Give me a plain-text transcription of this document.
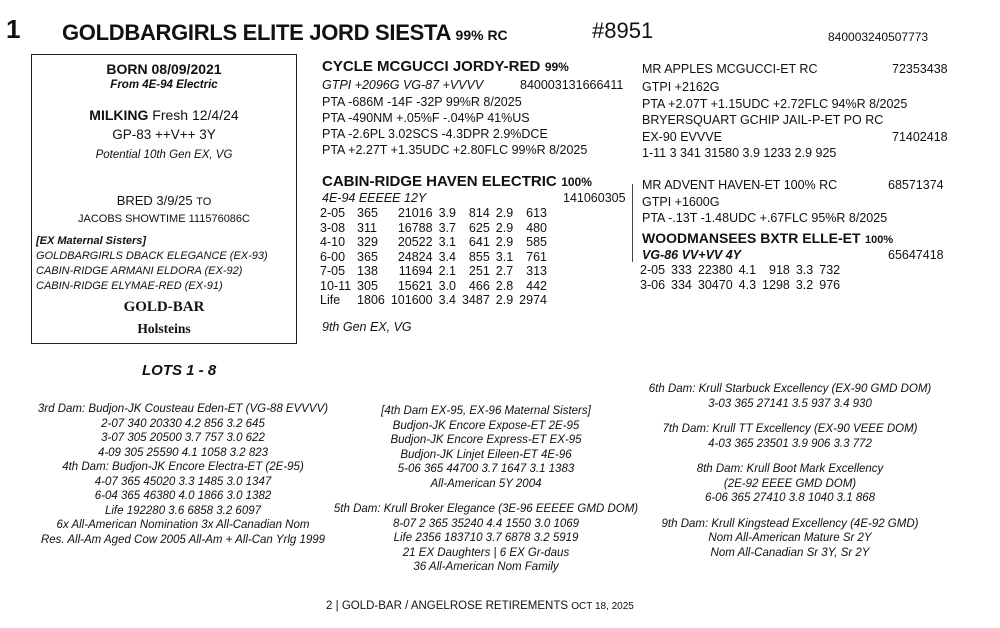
1 GOLDBARGIRLS ELITE JORD SIESTA 99% RC	#8951	840003240507773
BORN 08/09/2021
From 4E-94 Electric
MILKING Fresh 12/4/24
GP-83 ++V++ 3Y
Potential 10th Gen EX, VG
BRED 3/9/25 TO
JACOBS SHOWTIME 111576086C
[EX Maternal Sisters]
GOLDBARGIRLS DBACK ELEGANCE (EX-93)
CABIN-RIDGE ARMANI ELDORA (EX-92)
CABIN-RIDGE ELYMAE-RED (EX-91)
GOLD-BAR
Holsteins
CYCLE MCGUCCI JORDY-RED 99%
GTPI +2096G VG-87 +VVVV	840003131666411
PTA -686M -14F -32P 99%R 8/2025
PTA -490NM +.05%F -.04%P 41%US
PTA -2.6PL 3.02SCS -4.3DPR 2.9%DCE
PTA +2.27T +1.35UDC +2.80FLC 99%R 8/2025
MR APPLES MCGUCCI-ET RC	72353438
GTPI +2162G
PTA +2.07T +1.15UDC +2.72FLC 94%R 8/2025
BRYERSQUART GCHIP JAIL-P-ET PO RC
EX-90 EVVVE	71402418
1-11 3 341 31580 3.9 1233 2.9 925
CABIN-RIDGE HAVEN ELECTRIC 100%
4E-94 EEEEE 12Y	141060305
2-05	365	21016	3.9	814	2.9	613
3-08	311	16788	3.7	625	2.9	480
4-10	329	20522	3.1	641	2.9	585
6-00	365	24824	3.4	855	3.1	761
7-05	138	11694	2.1	251	2.7	313
10-11	305	15621	3.0	466	2.8	442
Life	1806	101600	3.4	3487	2.9	2974
9th Gen EX, VG
MR ADVENT HAVEN-ET 100% RC	68571374
GTPI +1600G
PTA -.13T -1.48UDC +.67FLC 95%R 8/2025
WOODMANSEES BXTR ELLE-ET 100%
VG-86 VV+VV 4Y	65647418
2-05	333	22380	4.1	918	3.3	732
3-06	334	30470	4.3	1298	3.2	976
LOTS 1 - 8
3rd Dam: Budjon-JK Cousteau Eden-ET (VG-88 EVVVV)
2-07 340 20330 4.2 856 3.2 645
3-07 305 20500 3.7 757 3.0 622
4-09 305 25590 4.1 1058 3.2 823
4th Dam: Budjon-JK Encore Electra-ET (2E-95)
4-07 365 45020 3.3 1485 3.0 1347
6-04 365 46380 4.0 1866 3.0 1382
Life 192280 3.6 6858 3.2 6097
6x All-American Nomination 3x All-Canadian Nom
Res. All-Am Aged Cow 2005 All-Am + All-Can Yrlg 1999
[4th Dam EX-95, EX-96 Maternal Sisters]
Budjon-JK Encore Expose-ET 2E-95
Budjon-JK Encore Express-ET EX-95
Budjon-JK Linjet Eileen-ET 4E-96
5-06 365 44700 3.7 1647 3.1 1383
All-American 5Y 2004
5th Dam: Krull Broker Elegance (3E-96 EEEEE GMD DOM)
8-07 2 365 35240 4.4 1550 3.0 1069
Life 2356 183710 3.7 6878 3.2 5919
21 EX Daughters | 6 EX Gr-daus
36 All-American Nom Family
6th Dam: Krull Starbuck Excellency (EX-90 GMD DOM)
3-03 365 27141 3.5 937 3.4 930
7th Dam: Krull TT Excellency (EX-90 VEEE DOM)
4-03 365 23501 3.9 906 3.3 772
8th Dam: Krull Boot Mark Excellency
(2E-92 EEEE GMD DOM)
6-06 365 27410 3.8 1040 3.1 868
9th Dam: Krull Kingstead Excellency (4E-92 GMD)
Nom All-American Mature Sr 2Y
Nom All-Canadian Sr 3Y, Sr 2Y
2 | GOLD-BAR / ANGELROSE RETIREMENTS OCT 18, 2025
